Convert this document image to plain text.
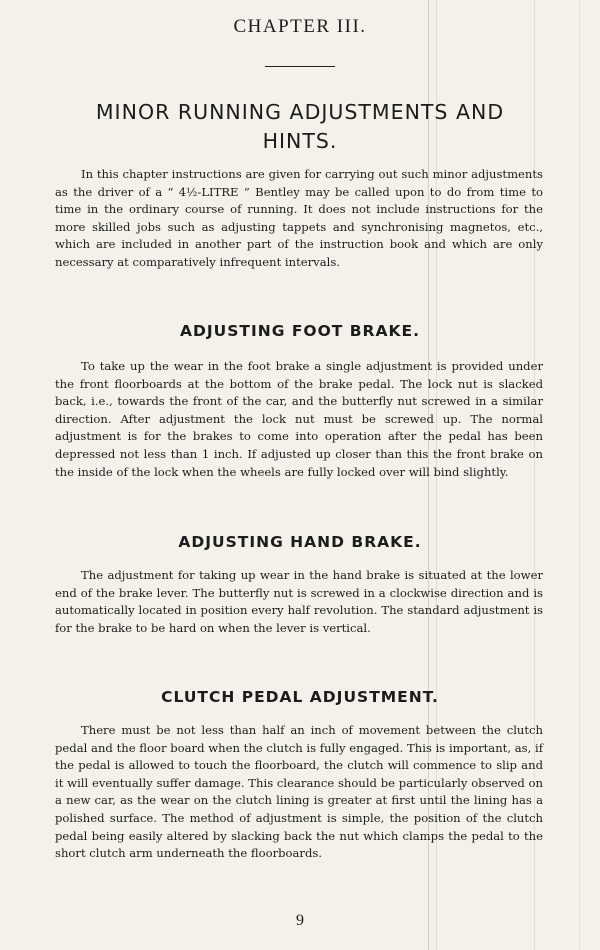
CHAPTER III.
MINOR RUNNING ADJUSTMENTS AND HINTS.

In this chapter instructions are given for carrying out such minor adjustments as the driver of a “ 4½-LITRE ” Bentley may be called upon to do from time to time in the ordinary course of running. It does not include instructions for the more skilled jobs such as adjusting tappets and synchronising magnetos, etc., which are included in another part of the instruction book and which are only necessary at comparatively infrequent intervals.

ADJUSTING FOOT BRAKE.

To take up the wear in the foot brake a single adjustment is provided under the front floorboards at the bottom of the brake pedal. The lock nut is slacked back, i.e., towards the front of the car, and the butterfly nut screwed in a similar direction. After adjustment the lock nut must be screwed up. The normal adjustment is for the brakes to come into operation after the pedal has been depressed not less than 1 inch. If adjusted up closer than this the front brake on the inside of the lock when the wheels are fully locked over will bind slightly.

ADJUSTING HAND BRAKE.

The adjustment for taking up wear in the hand brake is situated at the lower end of the brake lever. The butterfly nut is screwed in a clockwise direction and is automatically located in position every half revolution. The standard adjustment is for the brake to be hard on when the lever is vertical.

CLUTCH PEDAL ADJUSTMENT.

There must be not less than half an inch of movement between the clutch pedal and the floor board when the clutch is fully engaged. This is important, as, if the pedal is allowed to touch the floorboard, the clutch will commence to slip and it will eventually suffer damage. This clearance should be particularly observed on a new car, as the wear on the clutch lining is greater at first until the lining has a polished surface. The method of adjustment is simple, the position of the clutch pedal being easily altered by slacking back the nut which clamps the pedal to the short clutch arm underneath the floorboards.

9
